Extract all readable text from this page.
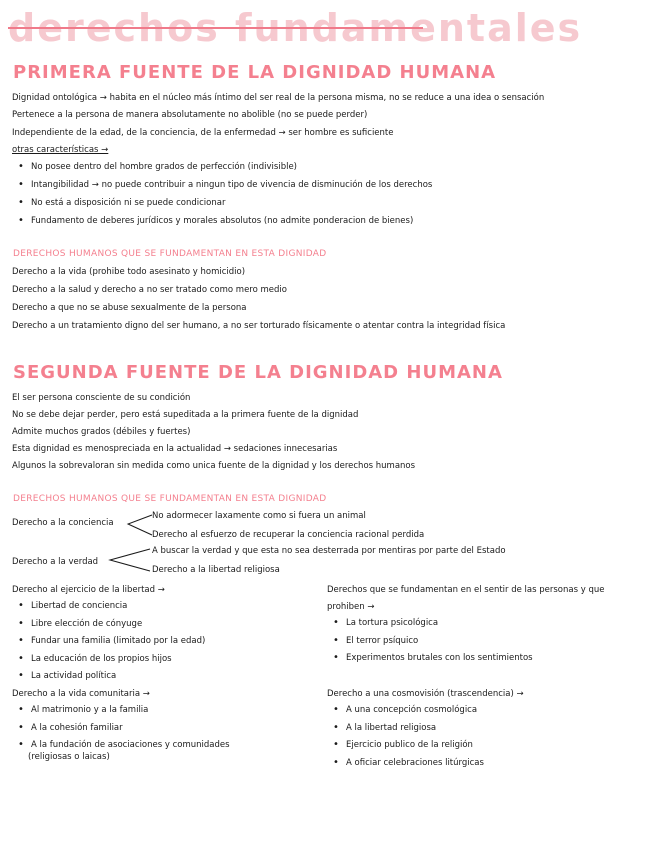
derechos fundamentales
PRIMERA FUENTE DE LA DIGNIDAD HUMANA
Dignidad ontológica → habita en el núcleo más íntimo del ser real de la persona misma, no se reduce a una idea o sensación
Pertenece a la persona de manera absolutamente no abolible (no se puede perder)
Independiente de la edad, de la conciencia, de la enfermedad → ser hombre es suficiente
otras características →
• No posee dentro del hombre grados de perfección (indivisible)
• Intangibilidad → no puede contribuir a ningun tipo de vivencia de disminución de los derechos
• No está a disposición ni se puede condicionar
• Fundamento de deberes jurídicos y morales absolutos (no admite ponderacion de bienes)
DERECHOS HUMANOS QUE SE FUNDAMENTAN EN ESTA DIGNIDAD
Derecho a la vida (prohibe todo asesinato y homicidio)
Derecho a la salud y derecho a no ser tratado como mero medio
Derecho a que no se abuse sexualmente de la persona
Derecho a un tratamiento digno del ser humano, a no ser torturado físicamente o atentar contra la integridad física
SEGUNDA FUENTE DE LA DIGNIDAD HUMANA
El ser persona consciente de su condición
No se debe dejar perder, pero está supeditada a la primera fuente de la dignidad
Admite muchos grados (débiles y fuertes)
Esta dignidad es menospreciada en la actualidad → sedaciones innecesarias
Algunos la sobrevaloran sin medida como unica fuente de la dignidad y los derechos humanos
DERECHOS HUMANOS QUE SE FUNDAMENTAN EN ESTA DIGNIDAD
Derecho a la conciencia
No adormecer laxamente como si fuera un animal
Derecho al esfuerzo de recuperar la conciencia racional perdida
Derecho a la verdad
A buscar la verdad y que esta no sea desterrada por mentiras por parte del Estado
Derecho a la libertad religiosa
Derecho al ejercicio de la libertad →
• Libertad de conciencia
• Libre elección de cónyuge
• Fundar una familia (limitado por la edad)
• La educación de los propios hijos
• La actividad política
Derecho a la vida comunitaria →
• Al matrimonio y a la familia
• A la cohesión familiar
• A la fundación de asociaciones y comunidades
(religiosas o laicas)
Derechos que se fundamentan en el sentir de las personas y que
prohiben →
• La tortura psicológica
• El terror psíquico
• Experimentos brutales con los sentimientos
Derecho a una cosmovisión (trascendencia) →
• A una concepción cosmológica
• A la libertad religiosa
• Ejercicio publico de la religión
• A oficiar celebraciones litúrgicas
